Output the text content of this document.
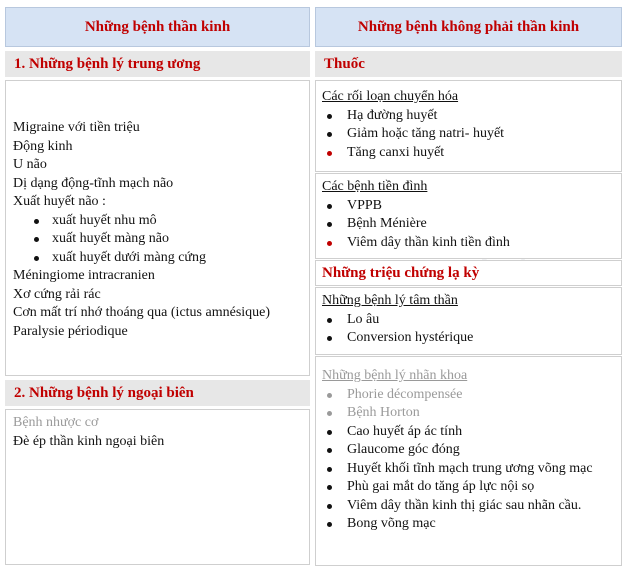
Những bệnh thần kinh	Những bệnh không phải thần kinh
1. Những bệnh lý trung ương
Migraine với tiền triệu
Động kinh
U não
Dị dạng động-tĩnh mạch não
Xuất huyết não :
xuất huyết nhu mô
xuất huyết màng não
xuất huyết dưới màng cứng
Méningiome intracranien
Xơ cứng rải rác
Cơn mất trí nhớ thoáng qua (ictus amnésique)
Paralysie périodique
2. Những bệnh lý ngoại biên
Bệnh nhược cơ
Đè ép thần kinh ngoại biên
Thuốc
Các rối loạn chuyển hóa
Hạ đường huyết
Giảm hoặc tăng natri- huyết
Tăng canxi huyết
Các bệnh tiền đình
VPPB
Bệnh Ménière
Viêm dây thần kinh tiền đình
Những triệu chứng lạ kỳ
Những bệnh lý tâm thần
Lo âu
Conversion hystérique
Những bệnh lý nhãn khoa
Phorie décompensée
Bệnh Horton
Cao huyết áp ác tính
Glaucome góc đóng
Huyết khối tĩnh mạch trung ương võng mạc
Phù gai mắt do tăng áp lực nội sọ
Viêm dây thần kinh thị giác sau nhãn cầu.
Bong võng mạc
